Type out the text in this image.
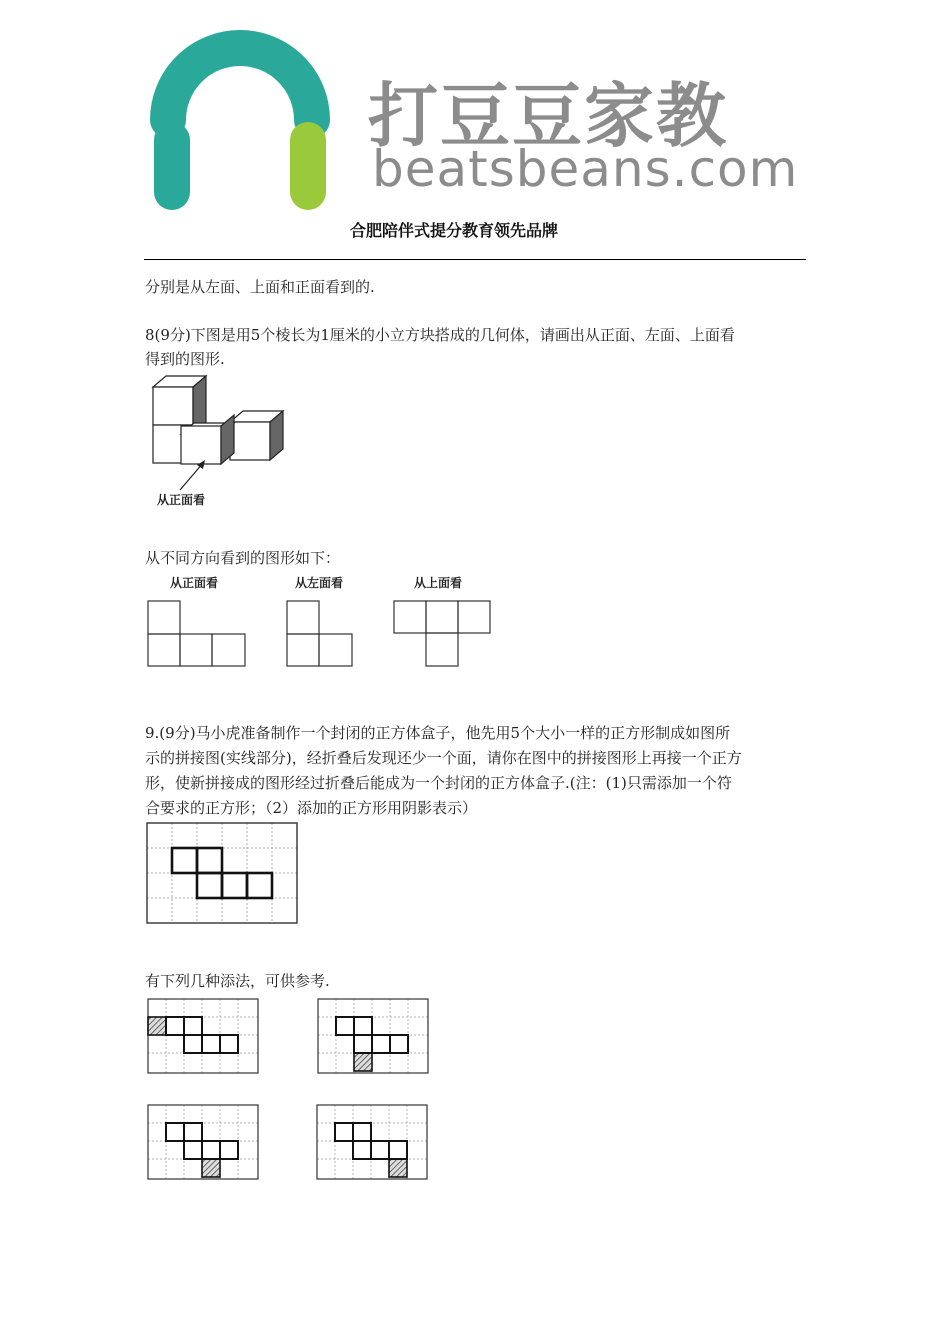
打豆豆家教
beatsbeans.com
合肥陪伴式提分教育领先品牌
分别是从左面、上面和正面看到的.
8(9分)下图是用5个棱长为1厘米的小立方块搭成的几何体，请画出从正面、左面、上面看
得到的图形.
从正面看
从不同方向看到的图形如下：
从正面看	从左面看	从上面看
9.(9分)马小虎准备制作一个封闭的正方体盒子，他先用5个大小一样的正方形制成如图所
示的拼接图(实线部分)，经折叠后发现还少一个面，请你在图中的拼接图形上再接一个正方
形，使新拼接成的图形经过折叠后能成为一个封闭的正方体盒子.(注：(1)只需添加一个符
合要求的正方形；（2）添加的正方形用阴影表示）
有下列几种添法，可供参考.
